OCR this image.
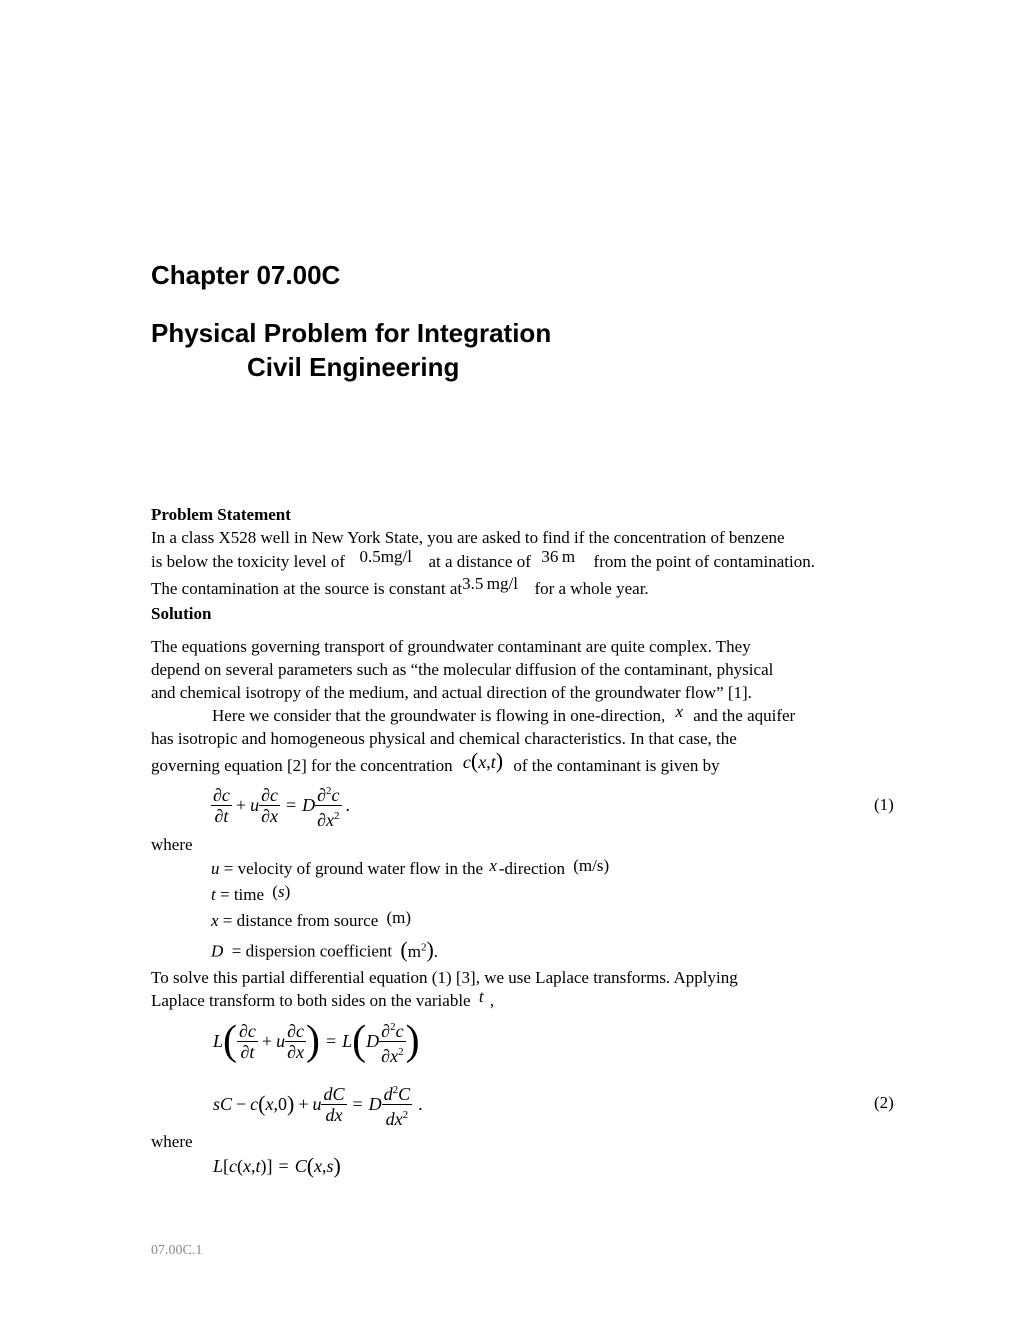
Chapter 07.00C
Physical Problem for Integration
Civil Engineering
Problem Statement
In a class X528 well in New York State, you are asked to find if the concentration of benzene
is below the toxicity level of 0.5mg/l at a distance of 36  m from the point of contamination.
The contamination at the source is constant at3.5  mg/l for a whole year.
Solution
The equations governing transport of groundwater contaminant are quite complex. They
depend on several parameters such as “the molecular diffusion of the contaminant, physical
and chemical isotropy of the medium, and actual direction of the groundwater flow” [1].
Here we consider that the groundwater is flowing in one-direction, x and the aquifer
has isotropic and homogeneous physical and chemical characteristics. In that case, the
governing equation [2] for the concentration c(x,t) of the contaminant is given by
$\frac{\partial c}{\partial t} + u \frac{\partial c}{\partial x} = D \frac{\partial^2c}{\partial x^2}$ .	(1)
where
u = velocity of ground water flow in the x -direction (m/s)
t = time (s)
x = distance from source (m)
D = dispersion coefficient $(m^2)$.
To solve this partial differential equation (1) [3], we use Laplace transforms. Applying
Laplace transform to both sides on the variable t ,
L ( $\frac{\partial c}{\partial t} + u \frac{\partial c}{\partial x}$ ) = L ( D $\frac{\partial^2c}{\partial x^2}$ )
sC − c ( x ,0 ) + u $\frac{dC}{dx} = D \frac{d^2C}{dx^2}$ .	(2)
where
L [ c ( x , t )] = C ( x , s )
07.00C.1
